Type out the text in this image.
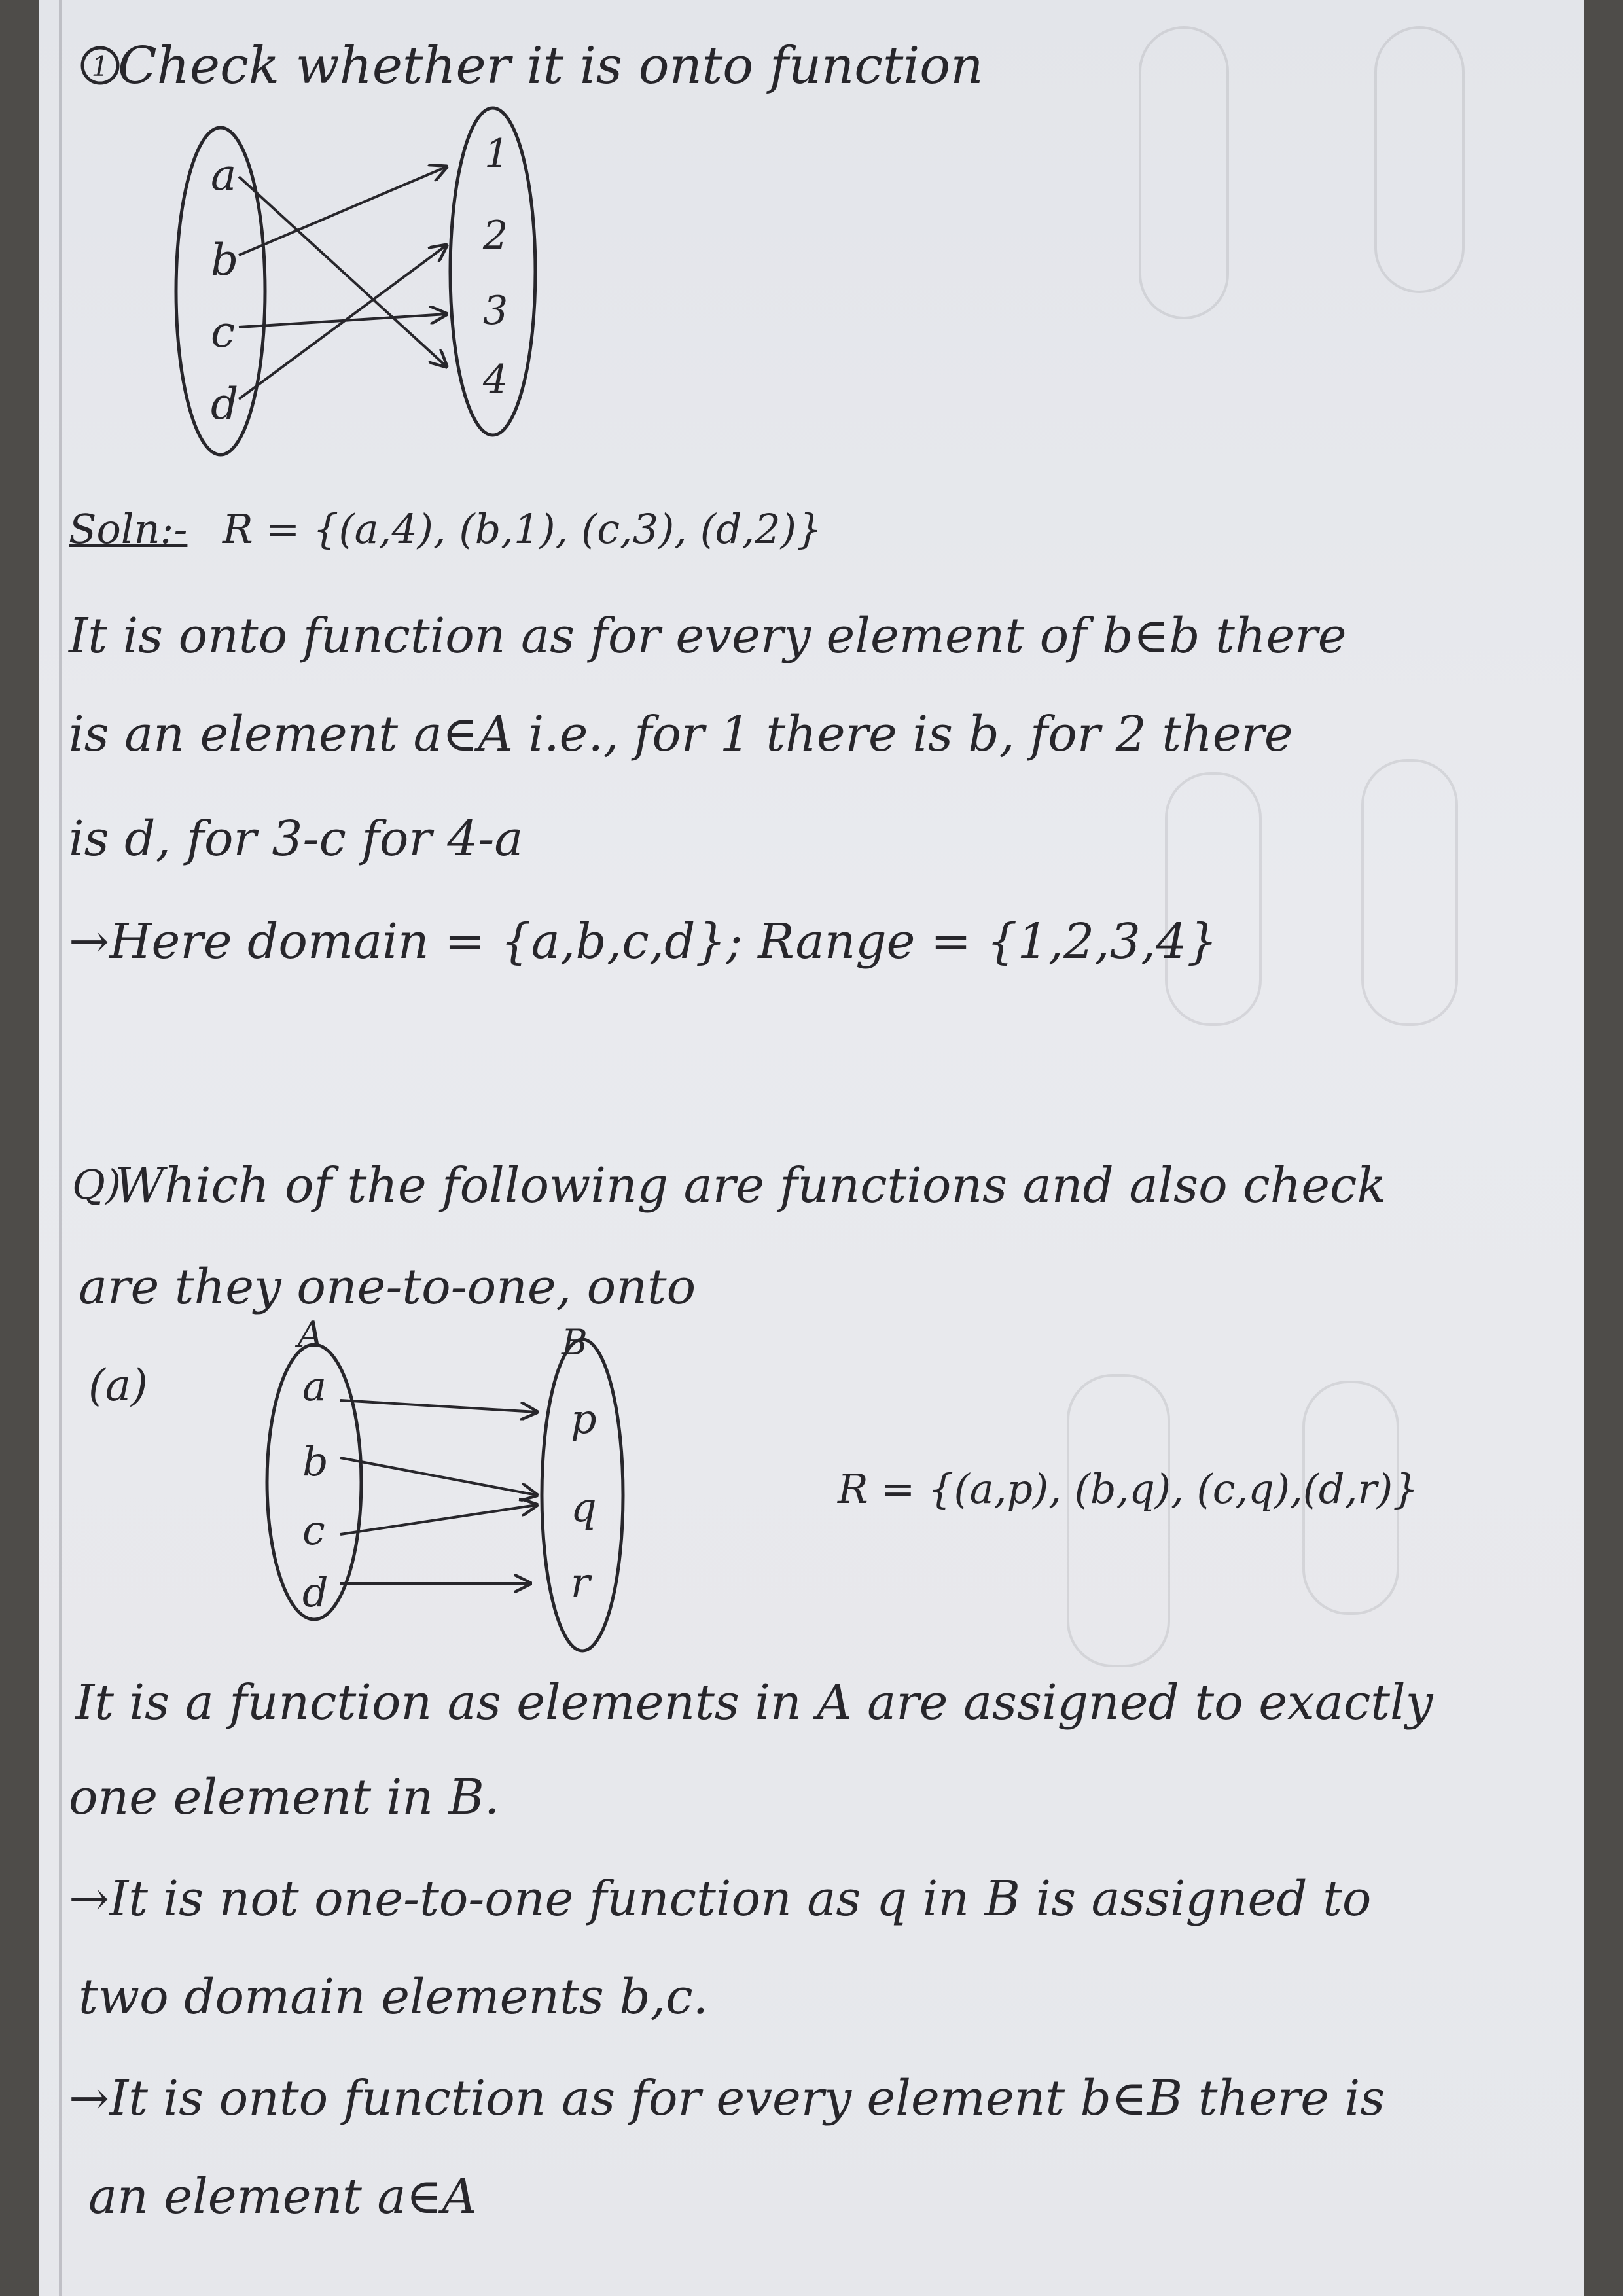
1 Check whether it is onto function
a
b
c
d
1
2
3
4
Soln:- R = {(a,4), (b,1), (c,3), (d,2)}
It is onto function as for every element of b∈b there
is an element a∈A i.e., for 1 there is b, for 2 there
is d, for 3-c for 4-a
→Here domain = {a,b,c,d}; Range = {1,2,3,4}
Q)
Which of the following are functions and also check
are they one-to-one, onto
(a)
A	B
a
b
c
d
p
q
r
R = {(a,p), (b,q), (c,q),(d,r)}
It is a function as elements in A are assigned to exactly
one element in B.
→It is not one-to-one function as q in B is assigned to
two domain elements b,c.
→It is onto function as for every element b∈B there is
an element a∈A
